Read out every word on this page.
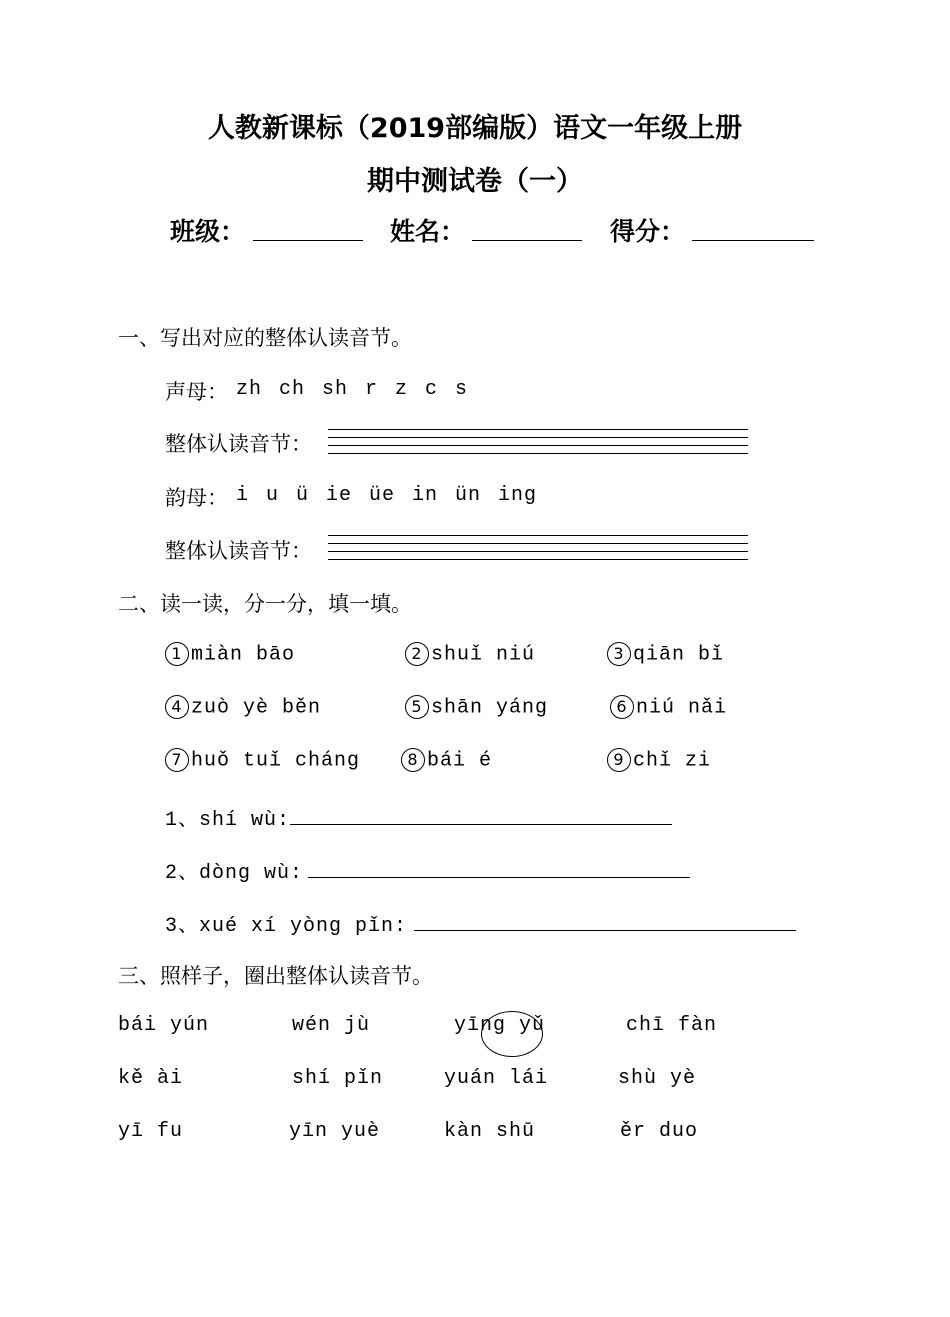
人教新课标（2019部编版）语文一年级上册
期中测试卷（一）
班级：	姓名：	得分：
一、写出对应的整体认读音节。
声母： zh ch sh r z c s
整体认读音节：
韵母： i u ü ie üe in ün ing
整体认读音节：
二、读一读，分一分，填一填。
1 miàn bāo	2 shuǐ niú	3 qiān bǐ
4 zuò yè běn	5 shān yáng	6 niú nǎi
7 huǒ tuǐ cháng	8 bái é	9 chǐ zi
1、shí wù:
2、dòng wù:
3、xué xí yòng pǐn:
三、照样子，圈出整体认读音节。
bái yún	wén jù	yīng yǔ	chī fàn
kě ài	shí pǐn	yuán lái	shù yè
yī fu	yīn yuè	kàn shū	ěr duo
